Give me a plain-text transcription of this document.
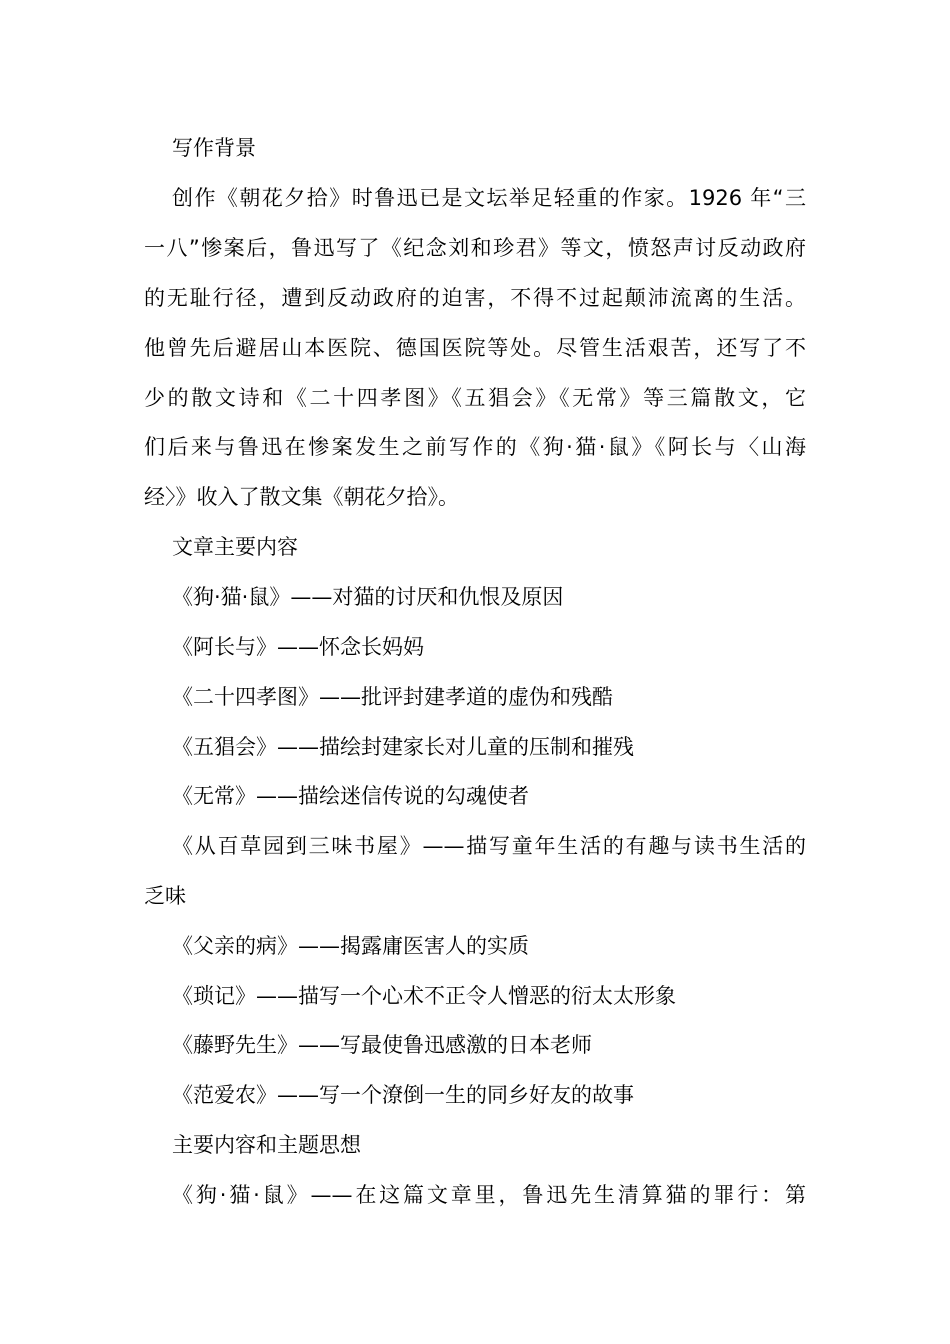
写作背景
创作《朝花夕拾》时鲁迅已是文坛举足轻重的作家。1926 年“三
一八”惨案后，鲁迅写了《纪念刘和珍君》等文，愤怒声讨反动政府
的无耻行径，遭到反动政府的迫害，不得不过起颠沛流离的生活。
他曾先后避居山本医院、德国医院等处。尽管生活艰苦，还写了不
少的散文诗和《二十四孝图》《五猖会》《无常》等三篇散文，它
们后来与鲁迅在惨案发生之前写作的《狗·猫·鼠》《阿长与〈山海
经〉》收入了散文集《朝花夕拾》。
文章主要内容
《狗·猫·鼠》——对猫的讨厌和仇恨及原因
《阿长与》——怀念长妈妈
《二十四孝图》——批评封建孝道的虚伪和残酷
《五猖会》——描绘封建家长对儿童的压制和摧残
《无常》——描绘迷信传说的勾魂使者
《从百草园到三味书屋》——描写童年生活的有趣与读书生活的
乏味
《父亲的病》——揭露庸医害人的实质
《琐记》——描写一个心术不正令人憎恶的衍太太形象
《藤野先生》——写最使鲁迅感激的日本老师
《范爱农》——写一个潦倒一生的同乡好友的故事
主要内容和主题思想
《狗·猫·鼠》——在这篇文章里，鲁迅先生清算猫的罪行：第
